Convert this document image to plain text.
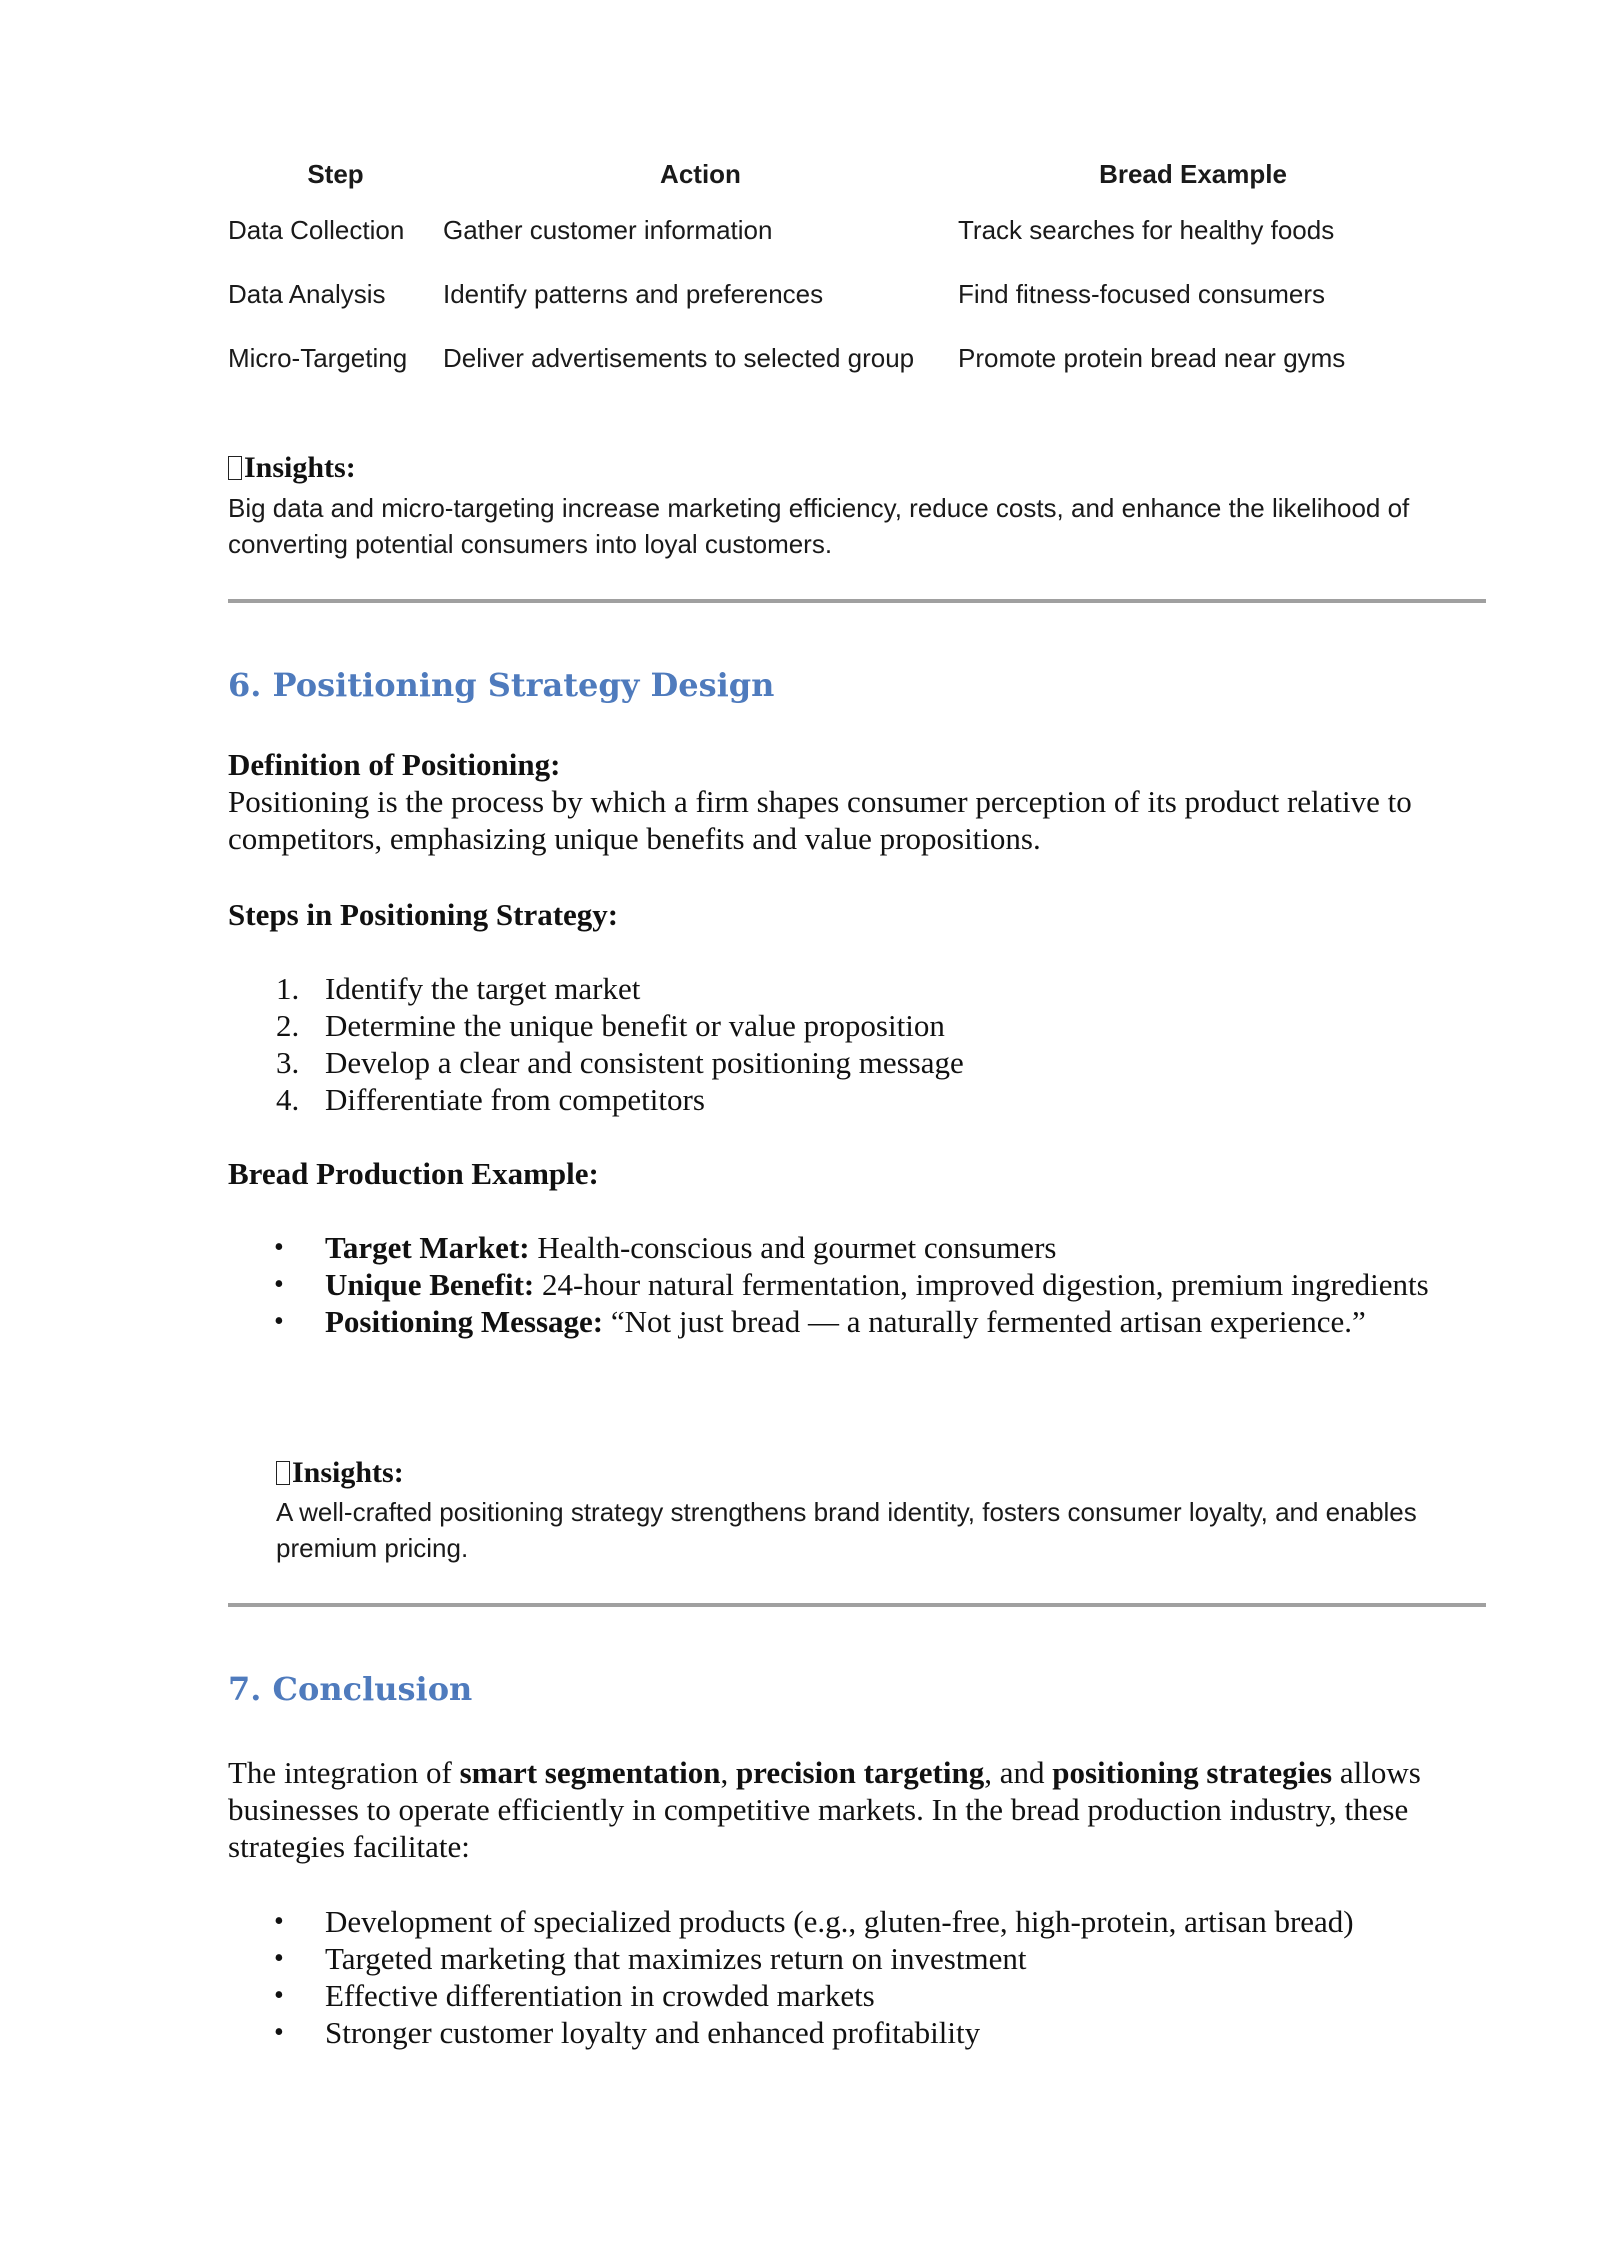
Step	Action	Bread Example
Data Collection	Gather customer information	Track searches for healthy foods
Data Analysis	Identify patterns and preferences	Find fitness-focused consumers
Micro-Targeting	Deliver advertisements to selected group	Promote protein bread near gyms
Insights:
Big data and micro-targeting increase marketing efficiency, reduce costs, and enhance the likelihood of
converting potential consumers into loyal customers.
6. Positioning Strategy Design
Definition of Positioning:
Positioning is the process by which a firm shapes consumer perception of its product relative to
competitors, emphasizing unique benefits and value propositions.
Steps in Positioning Strategy:
1. Identify the target market
2. Determine the unique benefit or value proposition
3. Develop a clear and consistent positioning message
4. Differentiate from competitors
Bread Production Example:
• Target Market: Health-conscious and gourmet consumers
• Unique Benefit: 24-hour natural fermentation, improved digestion, premium ingredients
• Positioning Message: “Not just bread — a naturally fermented artisan experience.”
Insights:
A well-crafted positioning strategy strengthens brand identity, fosters consumer loyalty, and enables
premium pricing.
7. Conclusion
The integration of smart segmentation, precision targeting, and positioning strategies allows
businesses to operate efficiently in competitive markets. In the bread production industry, these
strategies facilitate:
• Development of specialized products (e.g., gluten-free, high-protein, artisan bread)
• Targeted marketing that maximizes return on investment
• Effective differentiation in crowded markets
• Stronger customer loyalty and enhanced profitability
